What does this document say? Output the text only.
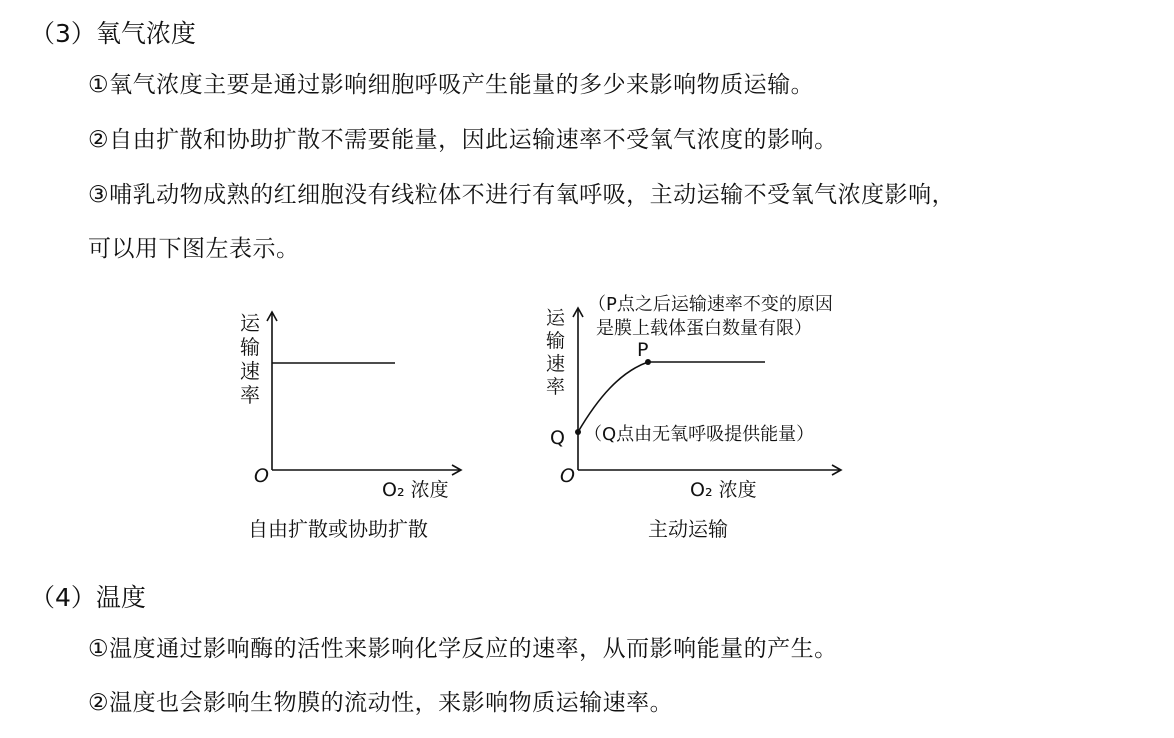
（3）氧气浓度
①氧气浓度主要是通过影响细胞呼吸产生能量的多少来影响物质运输。
②自由扩散和协助扩散不需要能量，因此运输速率不受氧气浓度的影响。
③哺乳动物成熟的红细胞没有线粒体不进行有氧呼吸，主动运输不受氧气浓度影响，
可以用下图左表示。
运
输
速
率
O
O₂ 浓度
自由扩散或协助扩散
运
输
速
率
P
Q
（P点之后运输速率不变的原因
是膜上载体蛋白数量有限）
（Q点由无氧呼吸提供能量）
O
O₂ 浓度
主动运输
（4）温度
①温度通过影响酶的活性来影响化学反应的速率，从而影响能量的产生。
②温度也会影响生物膜的流动性，来影响物质运输速率。
